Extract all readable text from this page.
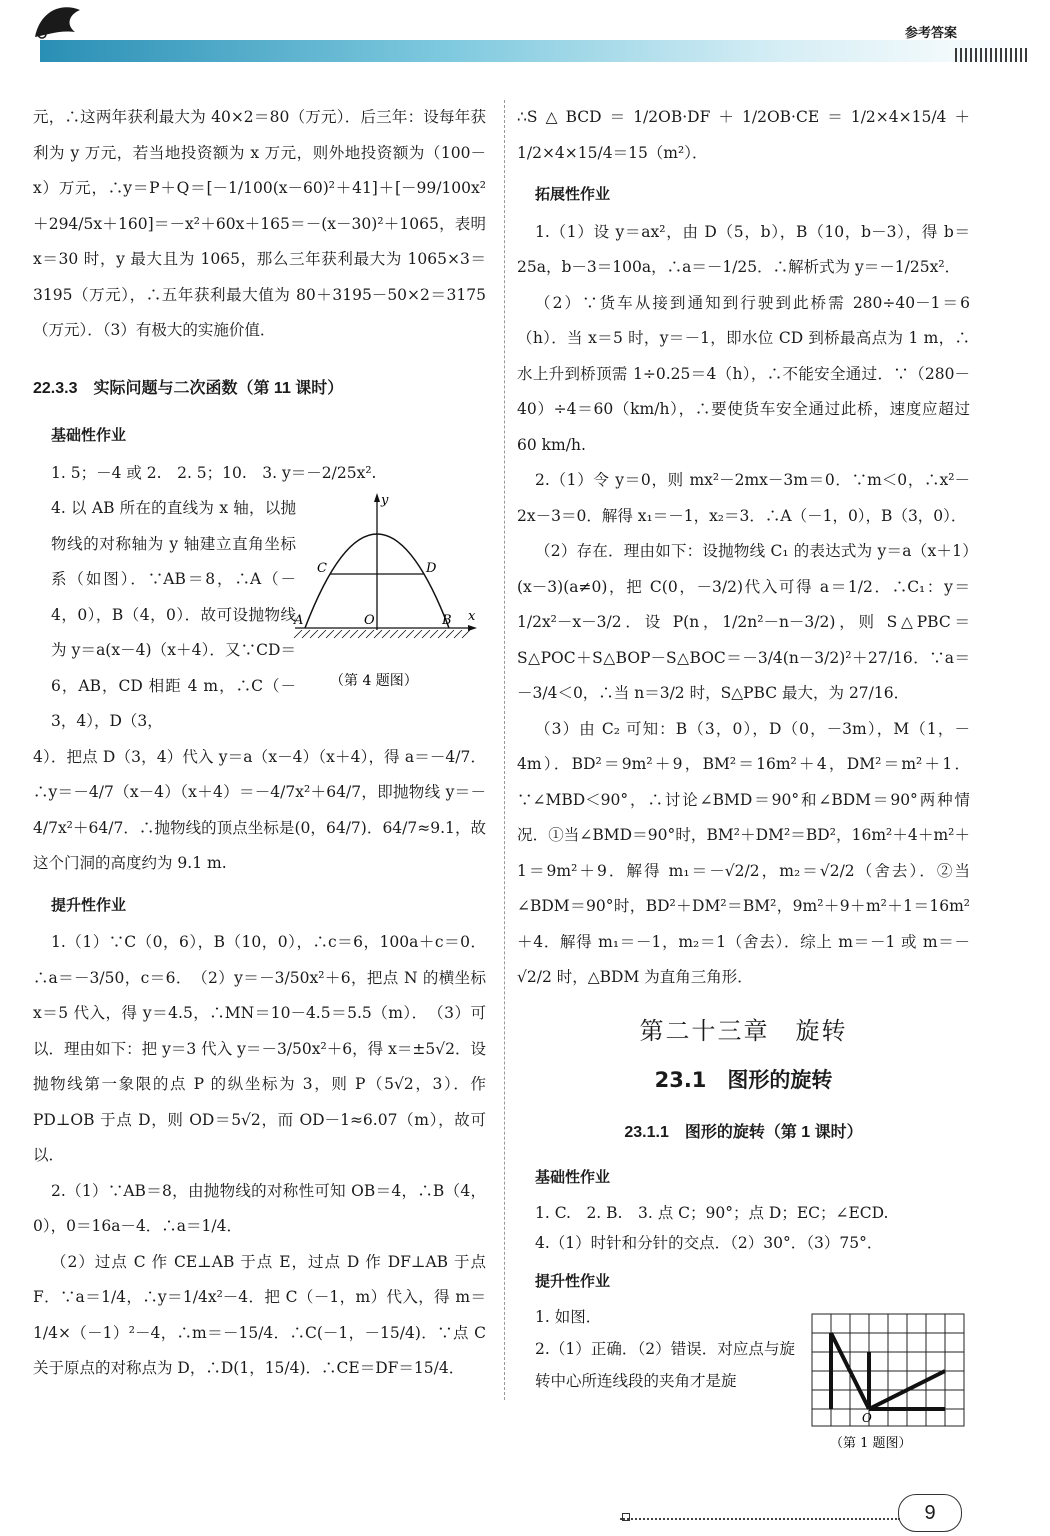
参考答案

元，∴这两年获利最大为 40×2＝80（万元）．后三年：设每年获利为 y 万元，若当地投资额为 x 万元，则外地投资额为（100－x）万元，∴y＝P＋Q＝[－1/100(x－60)²＋41]＋[－99/100x²＋294/5x＋160]＝－x²＋60x＋165＝－(x－30)²＋1065，表明 x＝30 时，y 最大且为 1065，那么三年获利最大为 1065×3＝3195（万元），∴五年获利最大值为 80＋3195－50×2＝3175（万元）．（3）有极大的实施价值．

22.3.3　实际问题与二次函数（第 11 课时）
基础性作业

1. 5；－4 或 2.　2. 5；10.　3. y＝－2/25x².

4. 以 AB 所在的直线为 x 轴，以抛物线的对称轴为 y 轴建立直角坐标系（如图）．∵AB＝8，∴A（－4，0），B（4，0）．故可设抛物线为 y＝a(x－4)（x＋4）．又∵CD＝6，AB，CD 相距 4 m，∴C（－3，4），D（3，

4）．把点 D（3，4）代入 y＝a（x－4）（x＋4），得 a＝－4/7．∴y＝－4/7（x－4）（x＋4）＝－4/7x²＋64/7，即抛物线 y＝－4/7x²＋64/7．∴抛物线的顶点坐标是(0，64/7)．64/7≈9.1，故这个门洞的高度约为 9.1 m.

提升性作业

1.（1）∵C（0，6），B（10，0），∴c＝6，100a＋c＝0．∴a＝－3/50，c＝6．　（2）y＝－3/50x²＋6，把点 N 的横坐标 x＝5 代入，得 y＝4.5，∴MN＝10－4.5＝5.5（m）．　（3）可以．理由如下：把 y＝3 代入 y＝－3/50x²＋6，得 x＝±5√2．设抛物线第一象限的点 P 的纵坐标为 3，则 P（5√2，3）．作 PD⊥OB 于点 D，则 OD＝5√2，而 OD－1≈6.07（m），故可以．

2.（1）∵AB＝8，由抛物线的对称性可知 OB＝4，∴B（4，0），0＝16a－4．∴a＝1/4．

（2）过点 C 作 CE⊥AB 于点 E，过点 D 作 DF⊥AB 于点 F．∵a＝1/4，∴y＝1/4x²－4．把 C（－1，m）代入，得 m＝1/4×（－1）²－4，∴m＝－15/4．∴C(－1，－15/4)．∵点 C 关于原点的对称点为 D，∴D(1，15/4)．∴CE＝DF＝15/4．

y
x
C	D
A	O	B
（第 4 题图）

∴S△BCD＝1/2OB·DF＋1/2OB·CE＝1/2×4×15/4＋1/2×4×15/4＝15（m²）．

拓展性作业

1.（1）设 y＝ax²，由 D（5，b），B（10，b－3），得 b＝25a，b－3＝100a，∴a＝－1/25．∴解析式为 y＝－1/25x²．

（2）∵货车从接到通知到行驶到此桥需 280÷40－1＝6（h）．当 x＝5 时，y＝－1，即水位 CD 到桥最高点为 1 m，∴水上升到桥顶需 1÷0.25＝4（h），∴不能安全通过．∵（280－40）÷4＝60（km/h），∴要使货车安全通过此桥，速度应超过 60 km/h.

2.（1）令 y＝0，则 mx²－2mx－3m＝0．∵m＜0，∴x²－2x－3＝0．解得 x₁＝－1，x₂＝3．∴A（－1，0），B（3，0）．

（2）存在．理由如下：设抛物线 C₁ 的表达式为 y＝a（x＋1）(x－3)(a≠0)，把 C(0，－3/2)代入可得 a＝1/2．∴C₁：y＝1/2x²－x－3/2．设 P(n，1/2n²－n－3/2)，则 S△PBC＝S△POC＋S△BOP－S△BOC＝－3/4(n－3/2)²＋27/16．∵a＝－3/4＜0，∴当 n＝3/2 时，S△PBC 最大，为 27/16．

（3）由 C₂ 可知：B（3，0），D（0，－3m），M（1，－4m）．BD²＝9m²＋9，BM²＝16m²＋4，DM²＝m²＋1．∵∠MBD＜90°，∴讨论∠BMD＝90°和∠BDM＝90°两种情况．①当∠BMD＝90°时，BM²＋DM²＝BD²，16m²＋4＋m²＋1＝9m²＋9．解得 m₁＝－√2/2，m₂＝√2/2（舍去）．②当∠BDM＝90°时，BD²＋DM²＝BM²，9m²＋9＋m²＋1＝16m²＋4．解得 m₁＝－1，m₂＝1（舍去）．综上 m＝－1 或 m＝－√2/2 时，△BDM 为直角三角形．

第二十三章　旋转
23.1　图形的旋转
23.1.1　图形的旋转（第 1 课时）
基础性作业

1. C.　2. B.　3. 点 C；90°；点 D；EC；∠ECD.

4.（1）时针和分针的交点．（2）30°．（3）75°．

提升性作业

1. 如图．

2.（1）正确．（2）错误．对应点与旋转中心所连线段的夹角才是旋

O
（第 1 题图）
9
